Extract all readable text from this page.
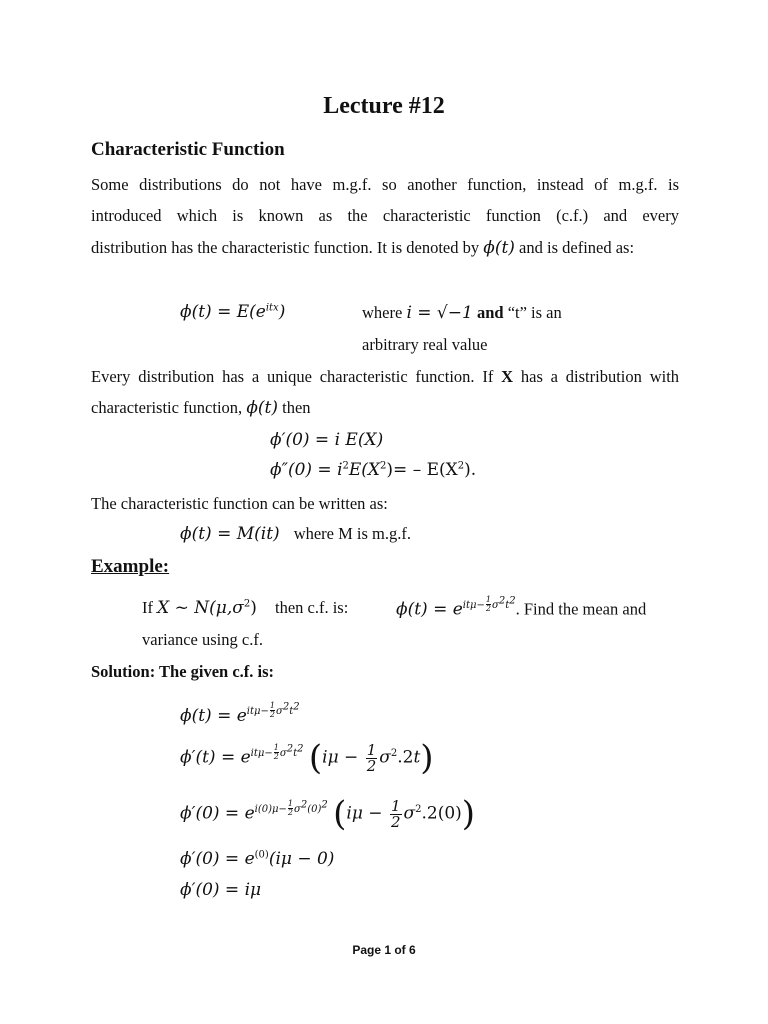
Lecture #12
Characteristic Function
Some distributions do not have m.g.f. so another function, instead of m.g.f. is
introduced which is known as the characteristic function (c.f.) and every
distribution has the characteristic function. It is denoted by ϕ(t) and is defined as:
$\phi(t) = E(e^{itx})$	where i = √−1 and “t” is an
arbitrary real value
Every distribution has a unique characteristic function. If X has a distribution with
characteristic function, ϕ(t) then
ϕ′(0) = i E(X)
$\phi''(0) = i^2E(X^2)= - E(X^2)$.
The characteristic function can be written as:
ϕ(t) = M(it) where M is m.g.f.
Example:
If X ~ $N(\mu,\sigma^2)$ then c.f. is:	$\phi(t) = e^{it\mu- \frac{1}{2} \sigma^2t^2}$. Find the mean and
variance using c.f.
Solution: The given c.f. is:
$\phi(t) = e^{it\mu- \frac{1}{2} \sigma^2t^2}$
$\phi'(t) = e^{it\mu- \frac{1}{2} \sigma^2t^2}$ $(i\mu - \frac{1}{2} \sigma^2.2t)$
$\phi'(0) = e^{i(0)\mu- \frac{1}{2} \sigma^2(0)^2}$ $(i\mu - \frac{1}{2} \sigma^2.2(0))$
$\phi'(0) = e^{(0)}(i\mu - 0)$
ϕ′(0) = iμ
Page 1 of 6
